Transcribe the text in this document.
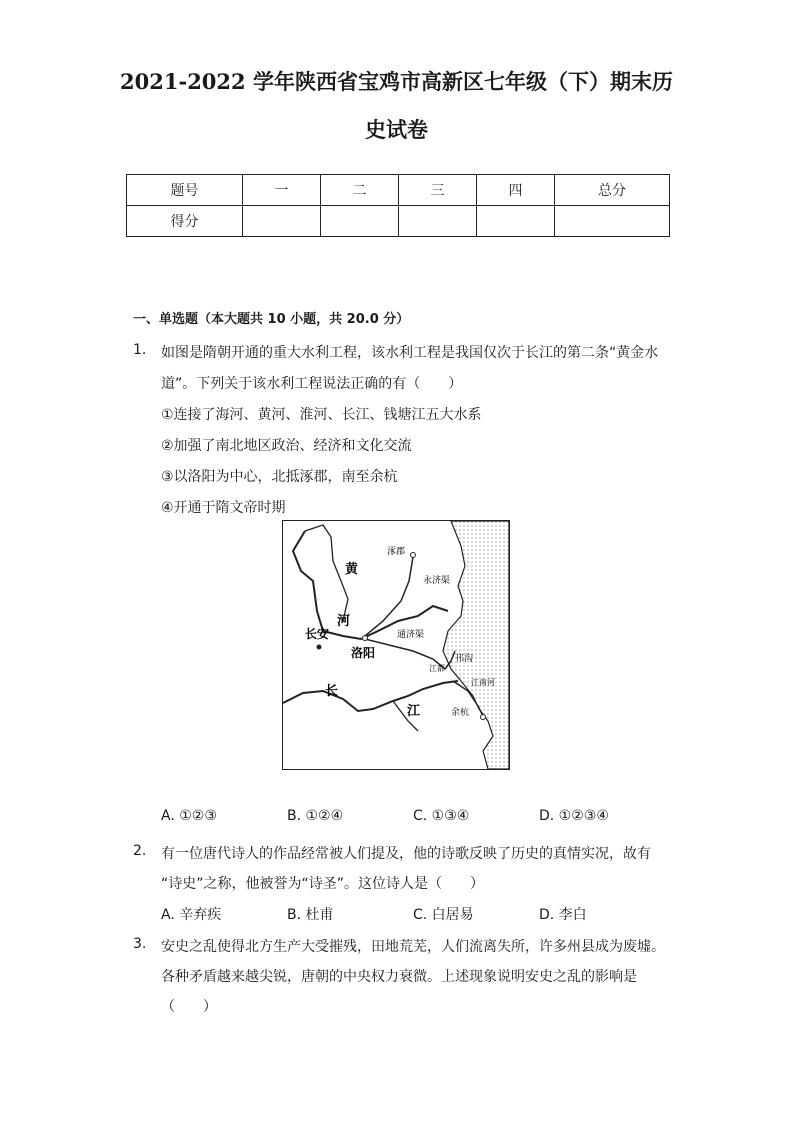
2021-2022 学年陕西省宝鸡市高新区七年级（下）期末历
史试卷
题号	一	二	三	四	总分
得分					
一、单选题（本大题共 10 小题，共 20.0 分）
1. 如图是隋朝开通的重大水利工程，该水利工程是我国仅次于长江的第二条“黄金水
道”。下列关于该水利工程说法正确的有（　　）
①连接了海河、黄河、淮河、长江、钱塘江五大水系
②加强了南北地区政治、经济和文化交流
③以洛阳为中心，北抵涿郡，南至余杭
④开通于隋文帝时期
涿郡
永济渠
黄
河
长安
洛阳
通济渠
邗沟
江都
江南河
余杭
长
江
A. ①②③	B. ①②④	C. ①③④	D. ①②③④
2. 有一位唐代诗人的作品经常被人们提及，他的诗歌反映了历史的真情实况，故有
“诗史”之称，他被誉为“诗圣”。这位诗人是（　　）
A. 辛弃疾	B. 杜甫	C. 白居易	D. 李白
3. 安史之乱使得北方生产大受摧残，田地荒芜，人们流离失所，许多州县成为废墟。
各种矛盾越来越尖锐，唐朝的中央权力衰微。上述现象说明安史之乱的影响是
（　　）
